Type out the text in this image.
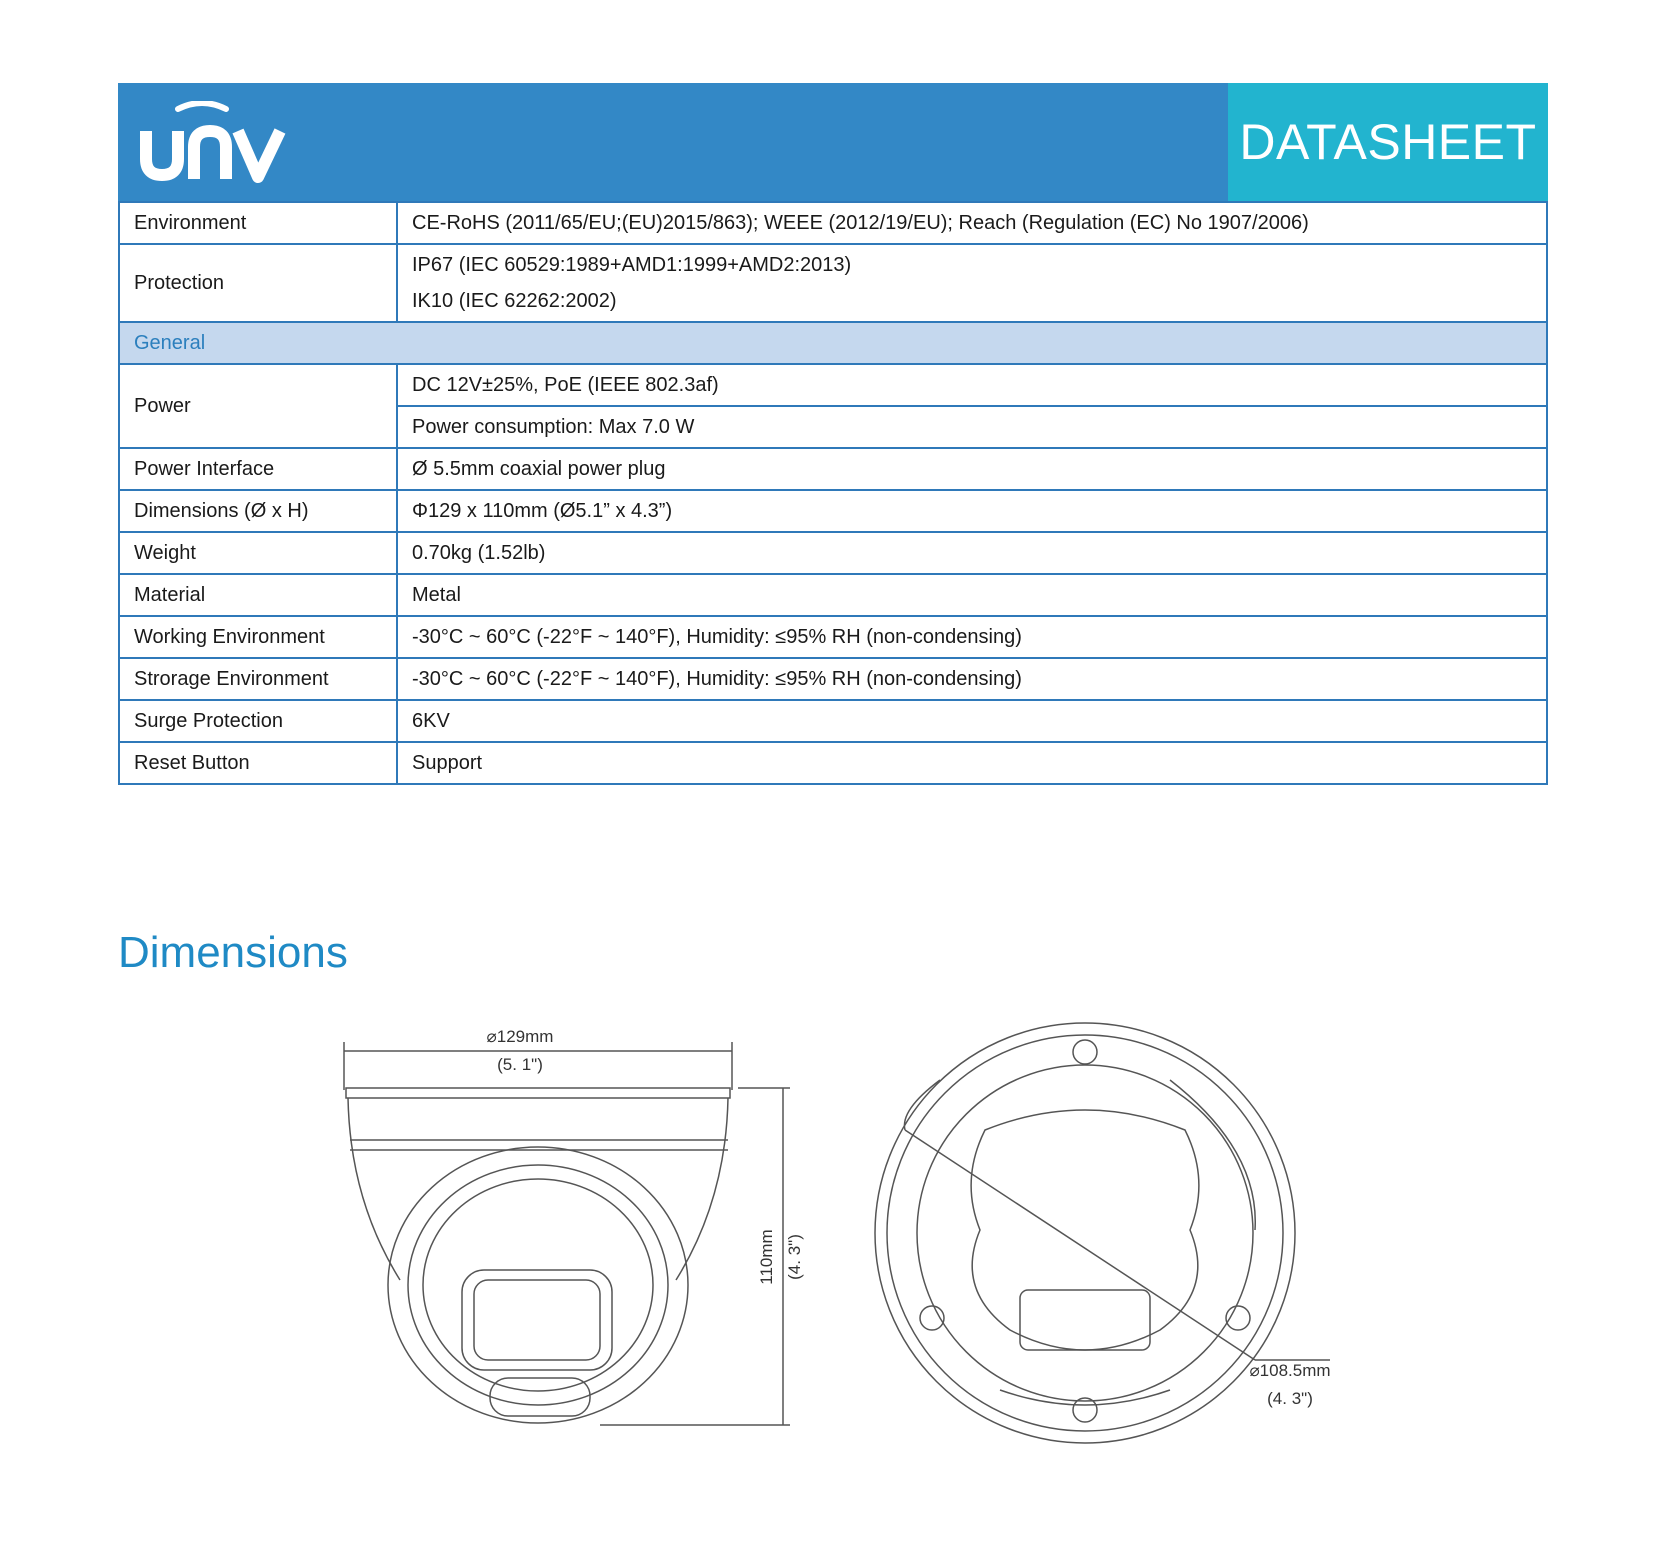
DATASHEET
Environment	CE-RoHS (2011/65/EU;(EU)2015/863); WEEE (2012/19/EU); Reach (Regulation (EC) No 1907/2006)
Protection	IP67 (IEC 60529:1989+AMD1:1999+AMD2:2013)
IK10 (IEC 62262:2002)

General	
Power	DC 12V±25%, PoE (IEEE 802.3af)
	Power consumption: Max 7.0 W
Power Interface	Ø 5.5mm coaxial power plug
Dimensions (Ø x H)	Φ129 x 110mm (Ø5.1” x 4.3”)
Weight	0.70kg (1.52lb)
Material	Metal
Working Environment	-30°C ~ 60°C (-22°F ~ 140°F), Humidity: ≤95% RH (non-condensing)
Strorage Environment	-30°C ~ 60°C (-22°F ~ 140°F), Humidity: ≤95% RH (non-condensing)
Surge Protection	6KV
Reset Button	Support
Dimensions
⌀129mm
(5. 1")
110mm (4. 3")
⌀108.5mm
(4. 3")
